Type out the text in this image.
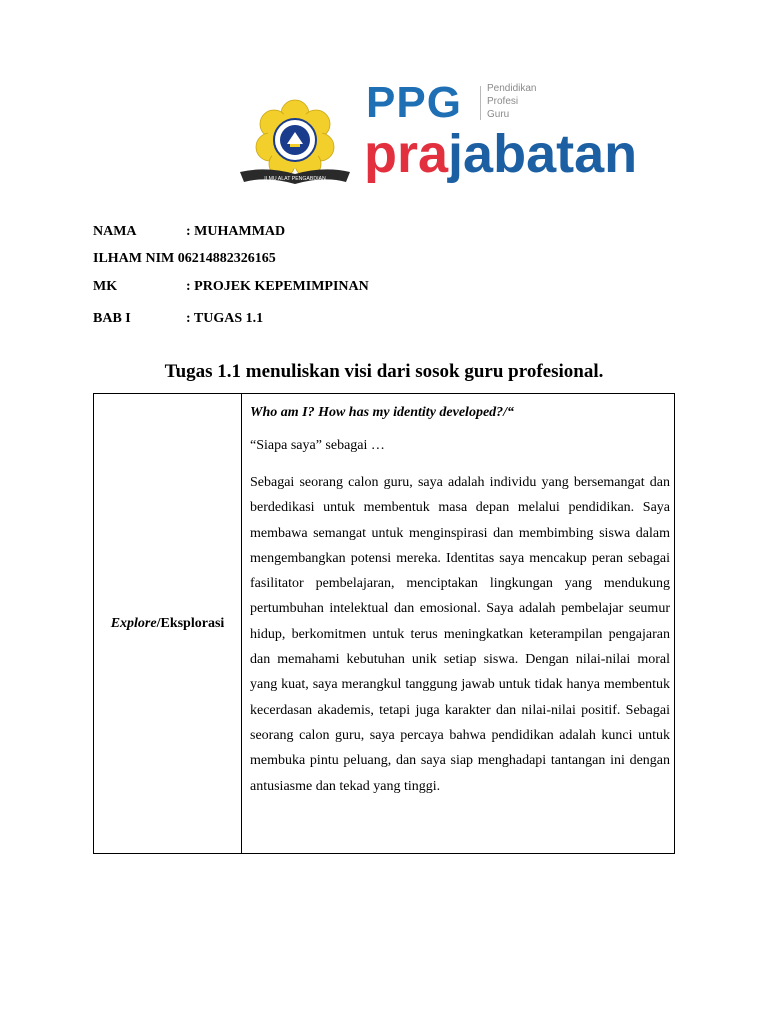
ILMU ALAT PENGABDIAN
PPG	Pendidikan
Profesi
Guru
prajabatan
NAMA	: MUHAMMAD
ILHAM NIM 06214882326165
MK	: PROJEK KEPEMIMPINAN
BAB I	: TUGAS 1.1
Tugas 1.1 menuliskan visi dari sosok guru profesional.
Explore/Eksplorasi
Who am I? How has my identity developed?/“
“Siapa saya” sebagai …
Sebagai seorang calon guru, saya adalah individu yang bersemangat dan berdedikasi untuk membentuk masa depan melalui pendidikan. Saya membawa semangat untuk menginspirasi dan membimbing siswa dalam mengembangkan potensi mereka. Identitas saya mencakup peran sebagai fasilitator pembelajaran, menciptakan lingkungan yang mendukung pertumbuhan intelektual dan emosional. Saya adalah pembelajar seumur hidup, berkomitmen untuk terus meningkatkan keterampilan pengajaran dan memahami kebutuhan unik setiap siswa. Dengan nilai-nilai moral yang kuat, saya merangkul tanggung jawab untuk tidak hanya membentuk kecerdasan akademis, tetapi juga karakter dan nilai-nilai positif. Sebagai seorang calon guru, saya percaya bahwa pendidikan adalah kunci untuk membuka pintu peluang, dan saya siap menghadapi tantangan ini dengan antusiasme dan tekad yang tinggi.
